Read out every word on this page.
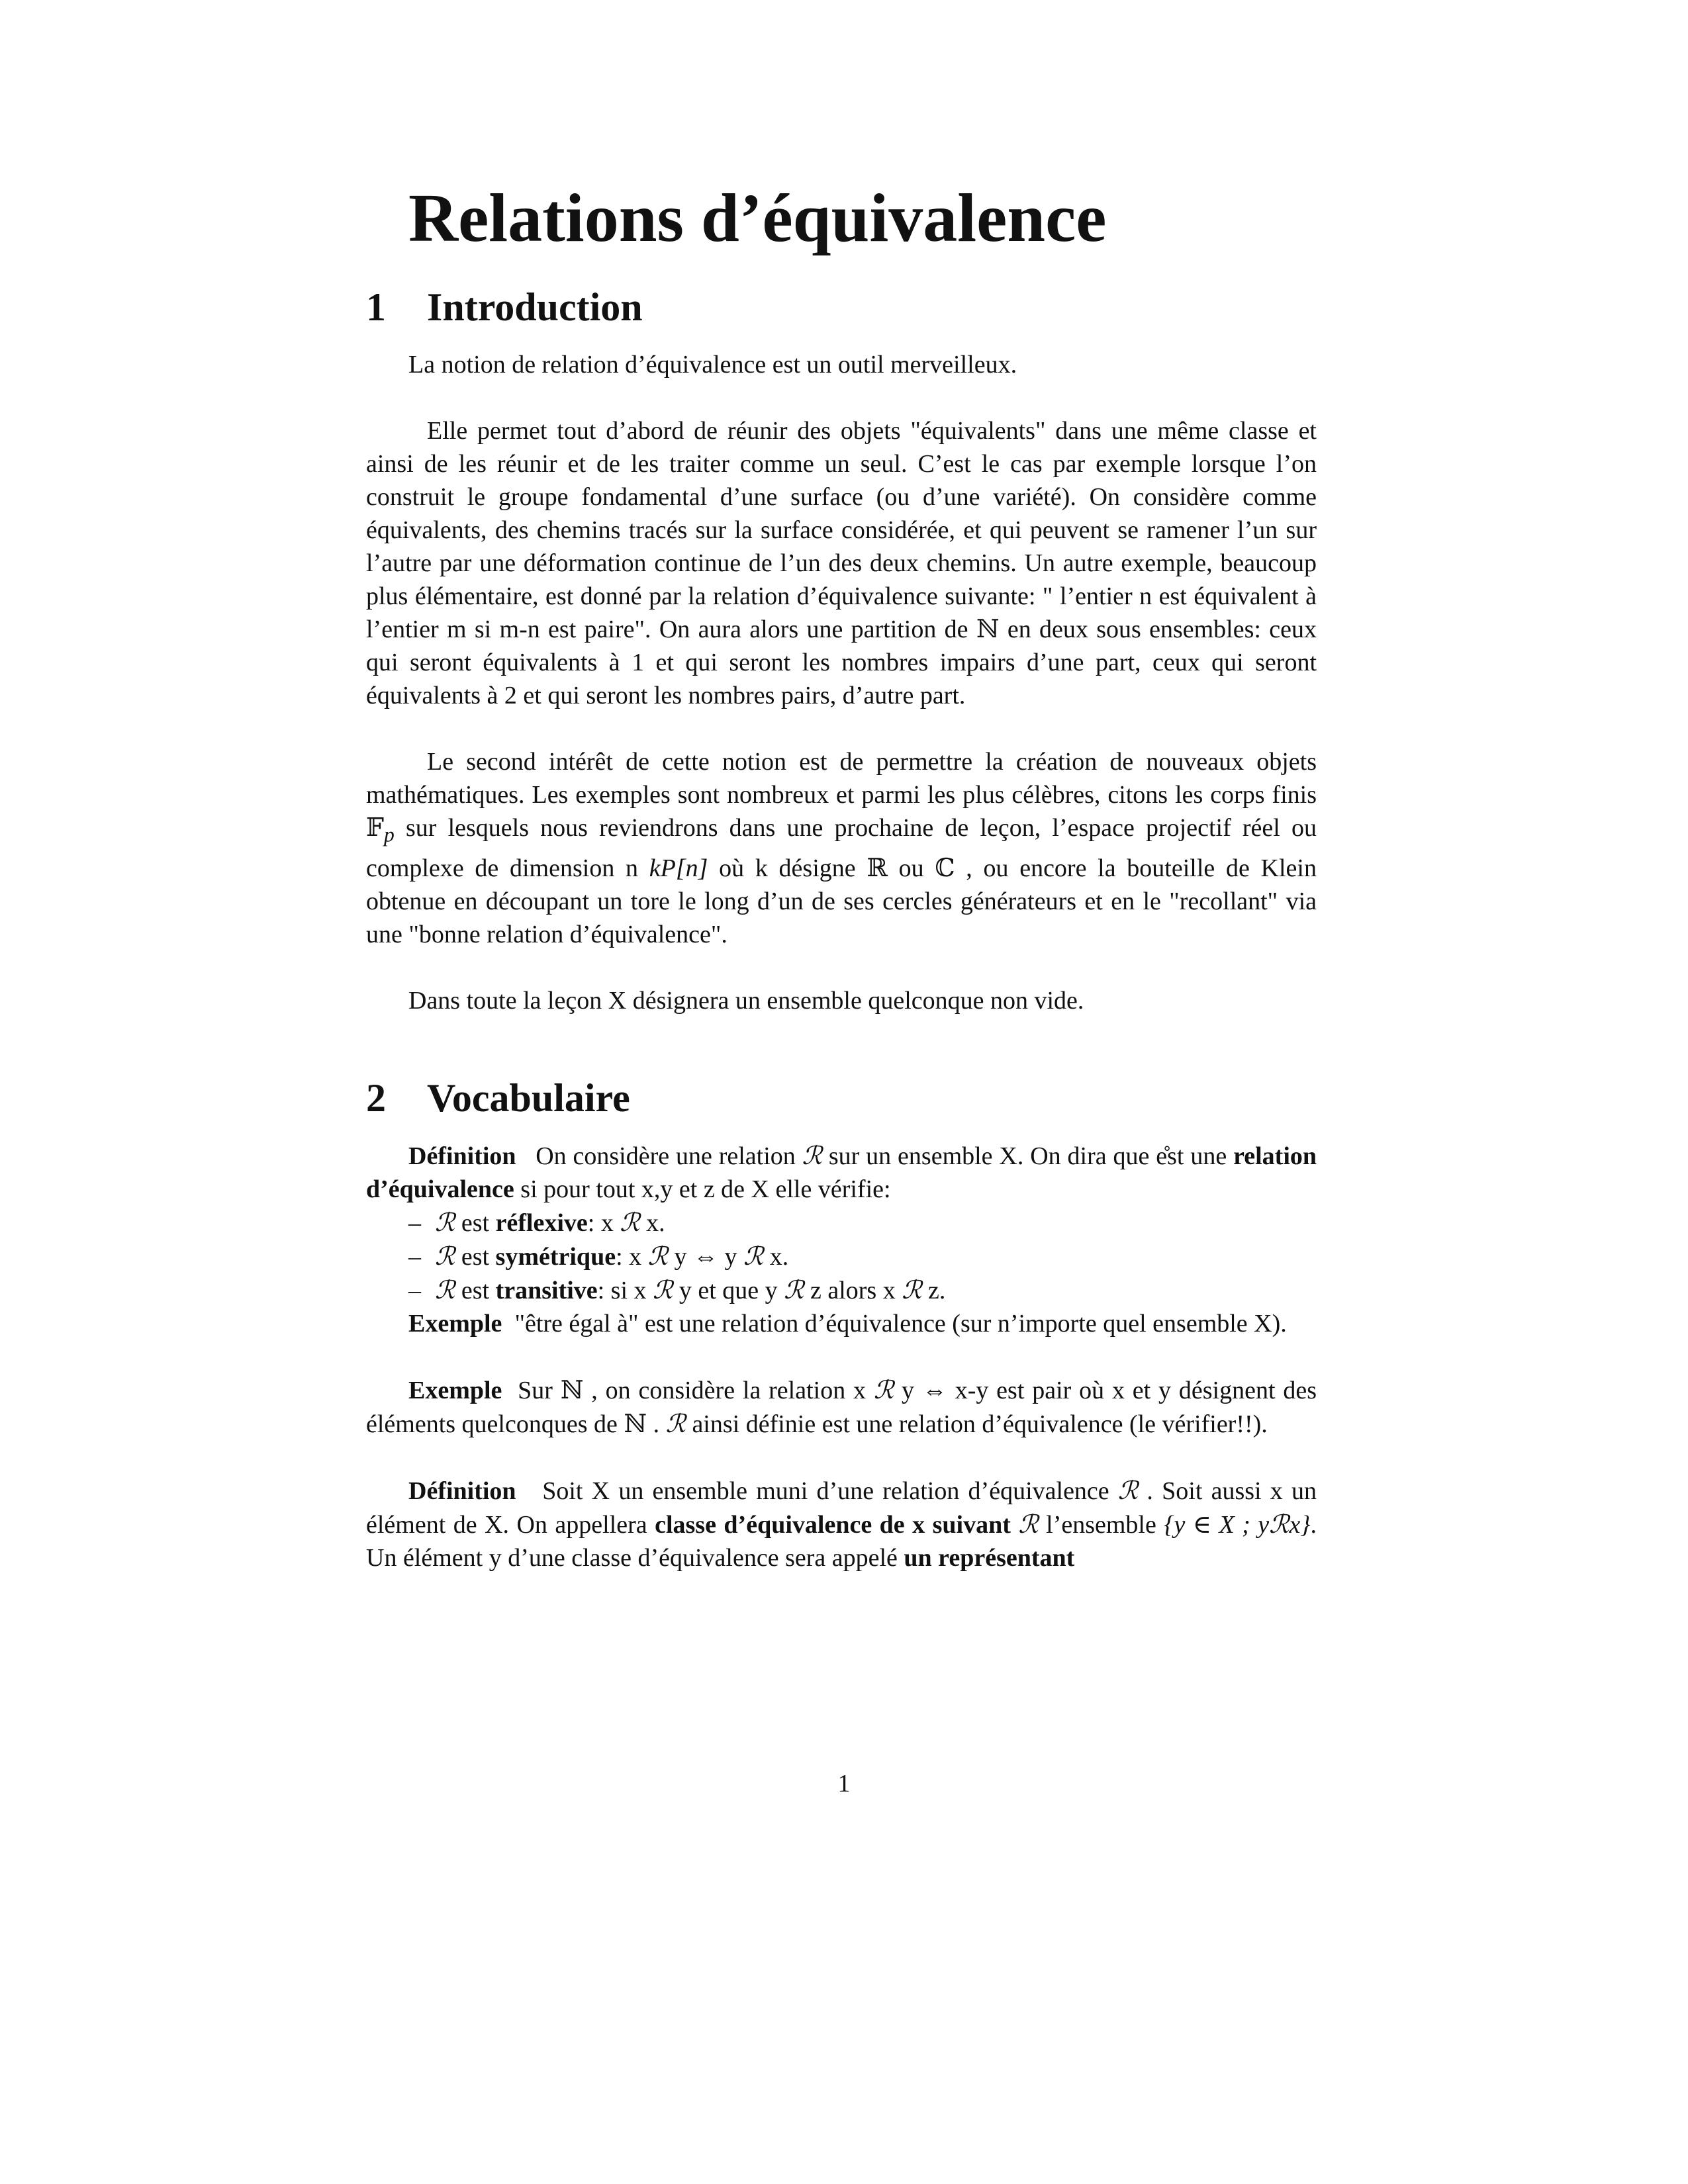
Relations d’équivalence
1 Introduction

La notion de relation d’équivalence est un outil merveilleux.

Elle permet tout d’abord de réunir des objets "équivalents" dans une même classe et ainsi de les réunir et de les traiter comme un seul. C’est le cas par exemple lorsque l’on construit le groupe fondamental d’une surface (ou d’une variété). On considère comme équivalents, des chemins tracés sur la surface considérée, et qui peuvent se ramener l’un sur l’autre par une déformation continue de l’un des deux chemins. Un autre exemple, beaucoup plus élémentaire, est donné par la relation d’équivalence suivante: " l’entier n est équivalent à l’entier m si m-n est paire". On aura alors une partition de ℕ en deux sous ensembles: ceux qui seront équivalents à 1 et qui seront les nombres impairs d’une part, ceux qui seront équivalents à 2 et qui seront les nombres pairs, d’autre part.

Le second intérêt de cette notion est de permettre la création de nouveaux objets mathématiques. Les exemples sont nombreux et parmi les plus célèbres, citons les corps finis 𝔽$_p$ sur lesquels nous reviendrons dans une prochaine de leçon, l’espace projectif réel ou complexe de dimension n kP[n] où k désigne ℝ ou ℂ , ou encore la bouteille de Klein obtenue en découpant un tore le long d’un de ses cercles générateurs et en le "recollant" via une "bonne relation d’équivalence".

Dans toute la leçon X désignera un ensemble quelconque non vide.

2 Vocabulaire

Définition On considère une relation ℛ sur un ensemble X. On dira que e̊st une relation d’équivalence si pour tout x,y et z de X elle vérifie:

– ℛ est réflexive: x ℛ x.
– ℛ est symétrique: x ℛ y ⇔ y ℛ x.
– ℛ est transitive: si x ℛ y et que y ℛ z alors x ℛ z.

Exemple "être égal à" est une relation d’équivalence (sur n’importe quel ensemble X).

Exemple Sur ℕ , on considère la relation x ℛ y ⇔ x-y est pair où x et y désignent des éléments quelconques de ℕ . ℛ ainsi définie est une relation d’équivalence (le vérifier!!).

Définition Soit X un ensemble muni d’une relation d’équivalence ℛ . Soit aussi x un élément de X. On appellera classe d’équivalence de x suivant ℛ l’ensemble {y ∈ X ; yℛx}. Un élément y d’une classe d’équivalence sera appelé un représentant

1
